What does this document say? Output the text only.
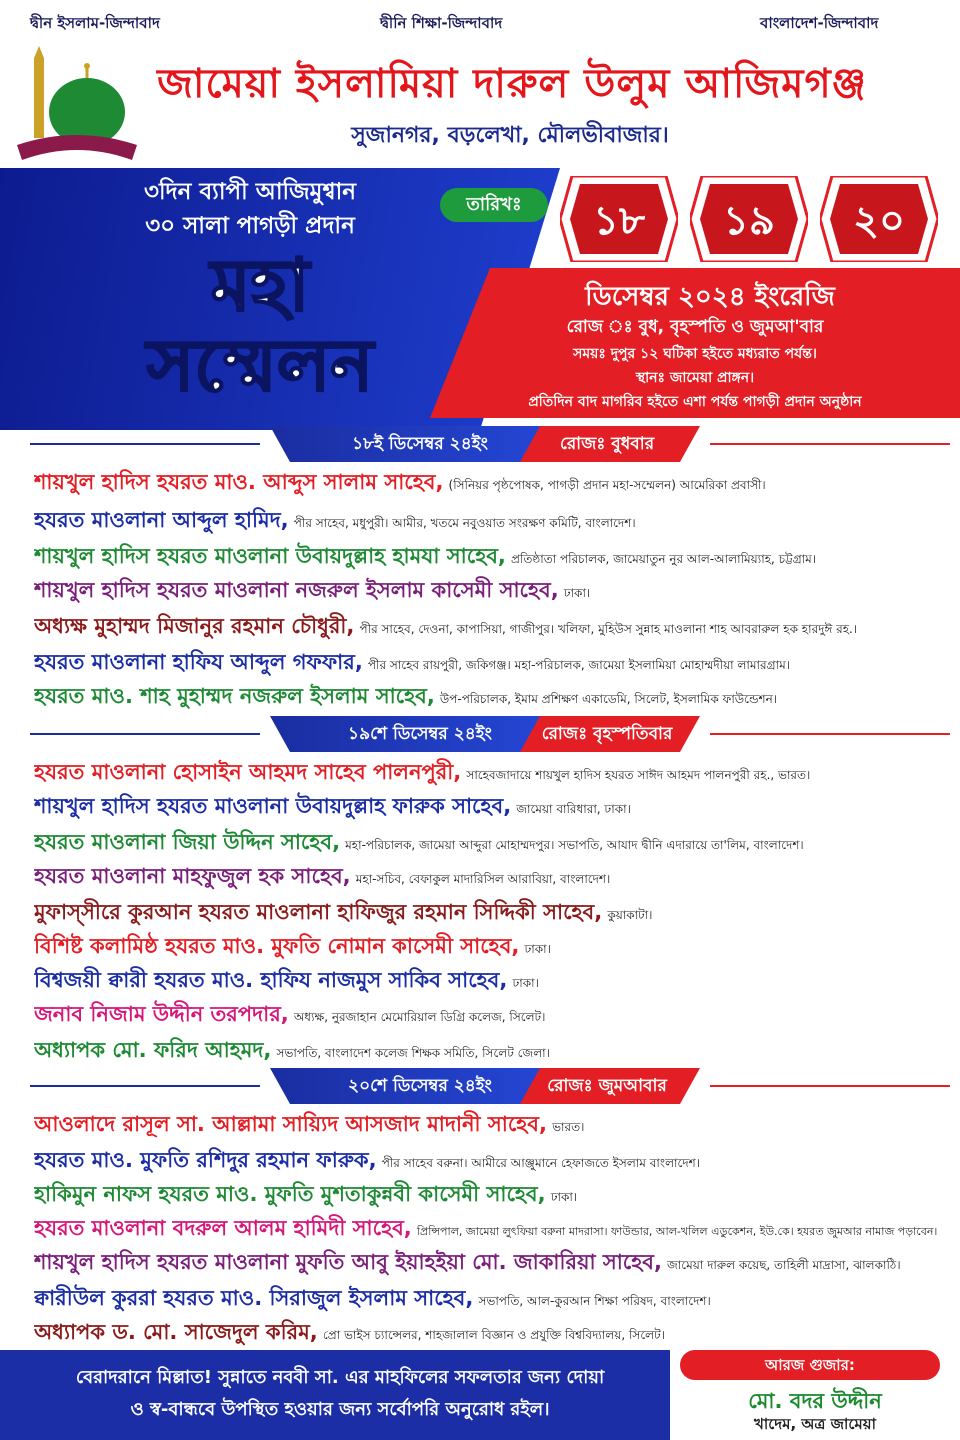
দ্বীন ইসলাম-জিন্দাবাদ	দ্বীনি শিক্ষা-জিন্দাবাদ	বাংলাদেশ-জিন্দাবাদ
জামেয়া ইসলামিয়া দারুল উলুম আজিমগঞ্জ
সুজানগর, বড়লেখা, মৌলভীবাজার।
৩দিন ব্যাপী আজিমুশ্বান
৩০ সালা পাগড়ী প্রদান
মহা
সম্মেলন
তারিখঃ	১৮ ১৯ ২০
ডিসেম্বর ২০২৪ ইংরেজি
রোজ ঃ বুধ, বৃহস্পতি ও জুমআ'বার
সময়ঃ দুপুর ১২ ঘটিকা হইতে মধ্যরাত পর্যন্ত।
স্থানঃ জামেয়া প্রাঙ্গন।
প্রতিদিন বাদ মাগরিব হইতে এশা পর্যন্ত পাগড়ী প্রদান অনুষ্ঠান
১৮ই ডিসেম্বর ২৪ইং	রোজঃ বুধবার
শায়খুল হাদিস হযরত মাও. আব্দুস সালাম সাহেব, (সিনিয়র পৃষ্ঠপোষক, পাগড়ী প্রদান মহা-সম্মেলন) আমেরিকা প্রবাসী।
হযরত মাওলানা আব্দুল হামিদ, পীর সাহেব, মধুপুরী। আমীর, খতমে নবুওয়াত সংরক্ষণ কমিটি, বাংলাদেশ।
শায়খুল হাদিস হযরত মাওলানা উবায়দুল্লাহ হামযা সাহেব, প্রতিষ্ঠাতা পরিচালক, জামেয়াতুন নুর আল-আলামিয়্যাহ, চট্টগ্রাম।
শায়খুল হাদিস হযরত মাওলানা নজরুল ইসলাম কাসেমী সাহেব, ঢাকা।
অধ্যক্ষ মুহাম্মদ মিজানুর রহমান চৌধুরী, পীর সাহেব, দেওনা, কাপাসিয়া, গাজীপুর। খলিফা, মুহিউস সুন্নাহ মাওলানা শাহ আবরারুল হক হারদুঈ রহ.।
হযরত মাওলানা হাফিয আব্দুল গফফার, পীর সাহেব রায়পুরী, জকিগঞ্জ। মহা-পরিচালক, জামেয়া ইসলামিয়া মোহাম্মদীয়া লামারগ্রাম।
হযরত মাও. শাহ মুহাম্মদ নজরুল ইসলাম সাহেব, উপ-পরিচালক, ইমাম প্রশিক্ষণ একাডেমি, সিলেট, ইসলামিক ফাউন্ডেশন।
১৯শে ডিসেম্বর ২৪ইং	রোজঃ বৃহস্পতিবার
হযরত মাওলানা হোসাইন আহমদ সাহেব পালনপুরী, সাহেবজাদায়ে শায়খুল হাদিস হযরত সাঈদ আহমদ পালনপুরী রহ., ভারত।
শায়খুল হাদিস হযরত মাওলানা উবায়দুল্লাহ ফারুক সাহেব, জামেয়া বারিধারা, ঢাকা।
হযরত মাওলানা জিয়া উদ্দিন সাহেব, মহা-পরিচালক, জামেয়া আব্দুরা মোহাম্মদপুর। সভাপতি, আযাদ দ্বীনি এদারায়ে তা'লিম, বাংলাদেশ।
হযরত মাওলানা মাহফুজুল হক সাহেব, মহা-সচিব, বেফাকুল মাদারিসিল আরাবিয়া, বাংলাদেশ।
মুফাস্সীরে কুরআন হযরত মাওলানা হাফিজুর রহমান সিদ্দিকী সাহেব, কুয়াকাটা।
বিশিষ্ট কলামিষ্ঠ হযরত মাও. মুফতি নোমান কাসেমী সাহেব, ঢাকা।
বিশ্বজয়ী ক্বারী হযরত মাও. হাফিয নাজমুস সাকিব সাহেব, ঢাকা।
জনাব নিজাম উদ্দীন তরপদার, অধ্যক্ষ, নুরজাহান মেমোরিয়াল ডিগ্রি কলেজ, সিলেট।
অধ্যাপক মো. ফরিদ আহমদ, সভাপতি, বাংলাদেশ কলেজ শিক্ষক সমিতি, সিলেট জেলা।
২০শে ডিসেম্বর ২৪ইং	রোজঃ জুমআবার
আওলাদে রাসূল সা. আল্লামা সায়্যিদ আসজাদ মাদানী সাহেব, ভারত।
হযরত মাও. মুফতি রশিদুর রহমান ফারুক, পীর সাহেব বরুনা। আমীরে আঞ্জুমানে হেফাজতে ইসলাম বাংলাদেশ।
হাকিমুন নাফস হযরত মাও. মুফতি মুশতাকুন্নবী কাসেমী সাহেব, ঢাকা।
হযরত মাওলানা বদরুল আলম হামিদী সাহেব, প্রিন্সিপাল, জামেয়া লুৎফিয়া বরুনা মাদরাসা। ফাউন্ডার, আল-খলিল এডুকেশন, ইউ.কে। হযরত জুমআর নামাজ পড়াবেন।
শায়খুল হাদিস হযরত মাওলানা মুফতি আবু ইয়াহইয়া মো. জাকারিয়া সাহেব, জামেয়া দারুল কয়েছ, তাহিলী মাদ্রাসা, ঝালকাঠি।
ক্বারীউল কুররা হযরত মাও. সিরাজুল ইসলাম সাহেব, সভাপতি, আল-কুরআন শিক্ষা পরিষদ, বাংলাদেশ।
অধ্যাপক ড. মো. সাজেদুল করিম, প্রো ভাইস চ্যান্সেলর, শাহজালাল বিজ্ঞান ও প্রযুক্তি বিশ্ববিদ্যালয়, সিলেট।
বেরাদরানে মিল্লাত! সুন্নাতে নববী সা. এর মাহফিলের সফলতার জন্য দোয়া
ও স্ব-বান্ধবে উপস্থিত হওয়ার জন্য সর্বোপরি অনুরোধ রইল।
আরজ গুজার:
মো. বদর উদ্দীন
খাদেম, অত্র জামেয়া
